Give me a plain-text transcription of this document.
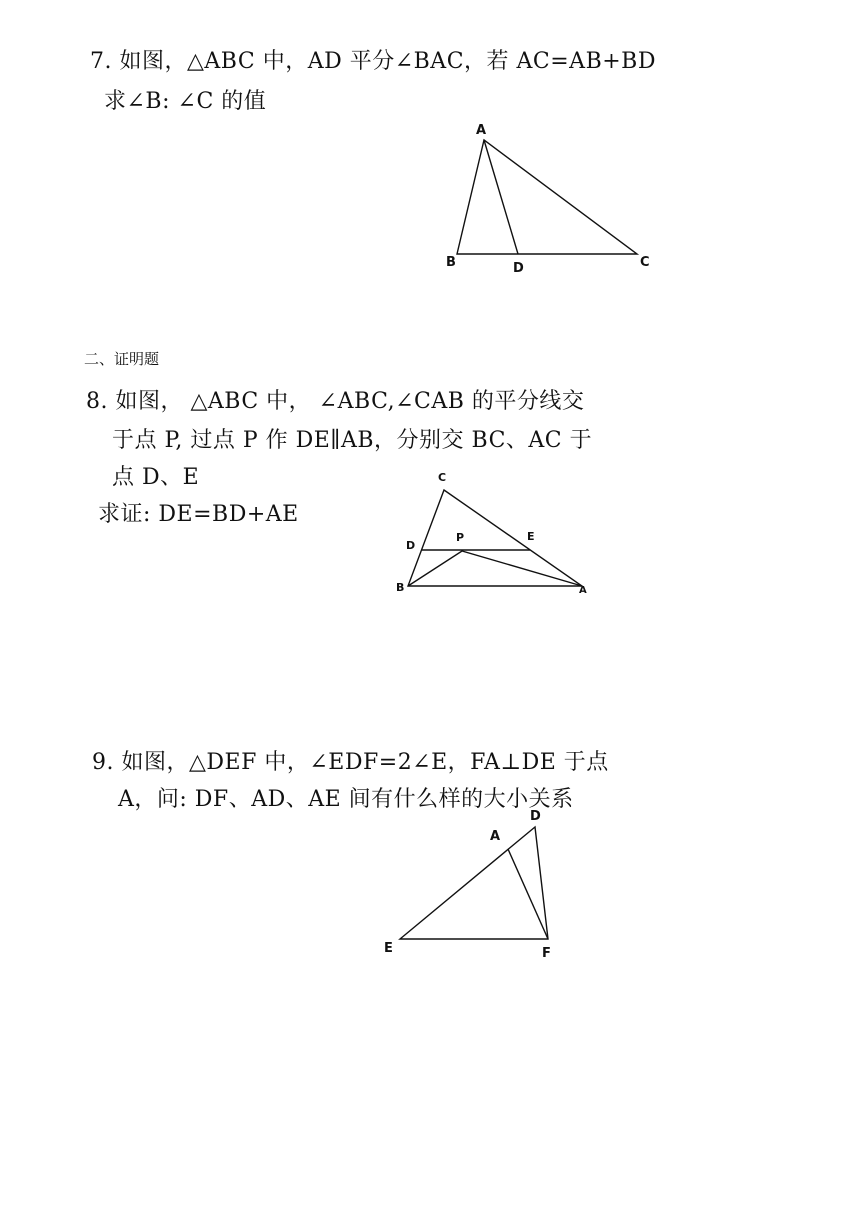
7. 如图，△ABC 中，AD 平分∠BAC，若 AC=AB+BD
求∠B: ∠C 的值
A
B	C
D
二、证明题
8. 如图， △ABC 中， ∠ABC,∠CAB 的平分线交
于点 P, 过点 P 作 DE∥AB，分别交 BC、AC 于
点 D、E
求证: DE=BD+AE
C
D
P	E
B	A
9. 如图，△DEF 中，∠EDF=2∠E，FA⊥DE 于点
A，问: DF、AD、AE 间有什么样的大小关系
A
D
E	F
